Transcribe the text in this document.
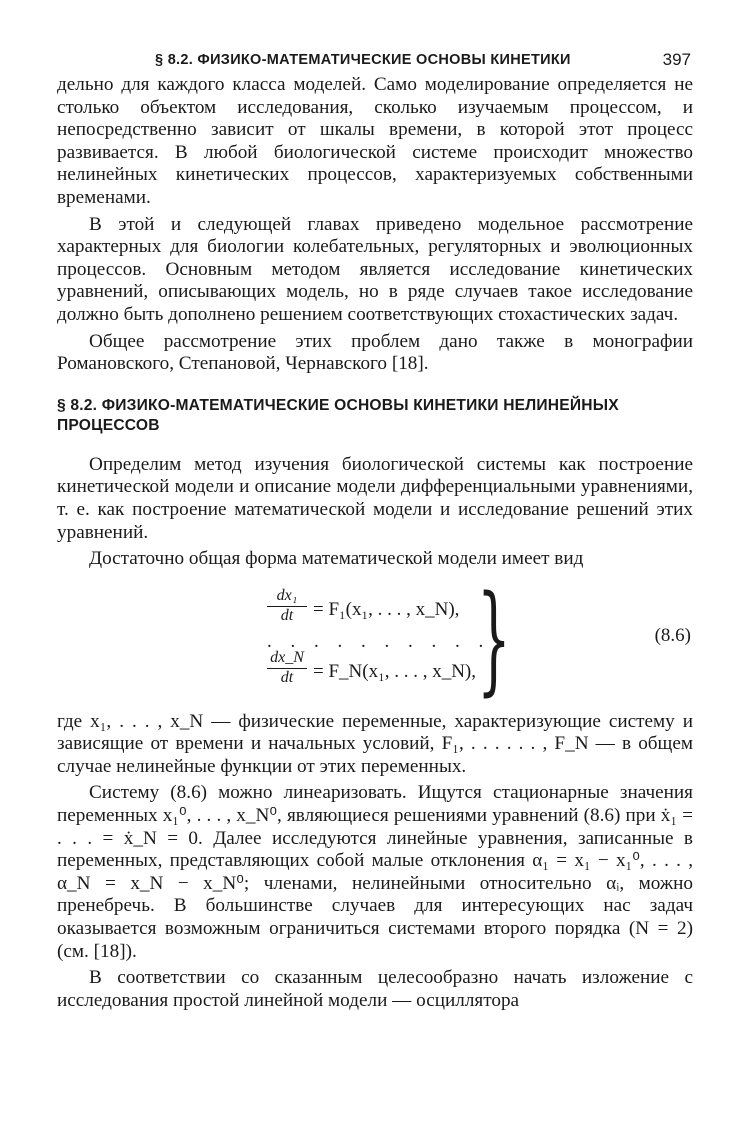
§ 8.2. ФИЗИКО-МАТЕМАТИЧЕСКИЕ ОСНОВЫ КИНЕТИКИ	397

дельно для каждого класса моделей. Само моделирование определяется не столько объектом исследования, сколько изучаемым процессом, и непосредственно зависит от шкалы времени, в которой этот процесс развивается. В любой биологической системе происходит множество нелинейных кинетических процессов, характеризуемых собственными временами.

В этой и следующей главах приведено модельное рассмотрение характерных для биологии колебательных, регуляторных и эволюционных процессов. Основным методом является исследование кинетических уравнений, описывающих модель, но в ряде случаев такое исследование должно быть дополнено решением соответствующих стохастических задач.

Общее рассмотрение этих проблем дано также в монографии Романовского, Степановой, Чернавского [18].

§ 8.2. ФИЗИКО-МАТЕМАТИЧЕСКИЕ ОСНОВЫ КИНЕТИКИ НЕЛИНЕЙНЫХ ПРОЦЕССОВ

Определим метод изучения биологической системы как построение кинетической модели и описание модели дифференциальными уравнениями, т. е. как построение математической модели и исследование решений этих уравнений.

Достаточно общая форма математической модели имеет вид

$\frac{\text{dx₁}}{dt} = F_1(x_1$, . . . , x_N),
. . . . . . . . . .
$\frac{dx\_N}{dt}$ = F_N(x₁, . . . , x_N), }	(8.6)

где x₁, . . . , x_N — физические переменные, характеризующие систему и зависящие от времени и начальных условий, F₁, . . . . . . , F_N — в общем случае нелинейные функции от этих переменных.

Систему (8.6) можно линеаризовать. Ищутся стационарные значения переменных x₁⁰, . . . , x_N⁰, являющиеся решениями уравнений (8.6) при ẋ₁ = . . . = ẋ_N = 0. Далее исследуются линейные уравнения, записанные в переменных, представляющих собой малые отклонения α₁ = x₁ − x₁⁰, . . . , α_N = x_N − x_N⁰; членами, нелинейными относительно αᵢ, можно пренебречь. В большинстве случаев для интересующих нас задач оказывается возможным ограничиться системами второго порядка (N = 2) (см. [18]).

В соответствии со сказанным целесообразно начать изложение с исследования простой линейной модели — осциллятора
